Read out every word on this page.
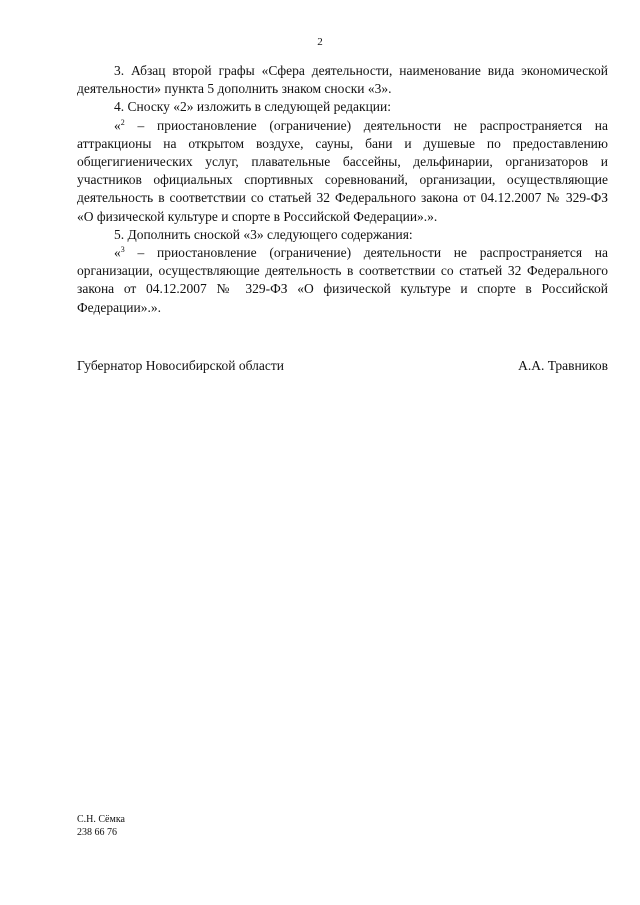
2

3. Абзац второй графы «Сфера деятельности, наименование вида экономической деятельности» пункта 5 дополнить знаком сноски «3».

4. Сноску «2» изложить в следующей редакции:

«$^2$ – приостановление (ограничение) деятельности не распространяется на аттракционы на открытом воздухе, сауны, бани и душевые по предоставлению общегигиенических услуг, плавательные бассейны, дельфинарии, организаторов и участников официальных спортивных соревнований, организации, осуществляющие деятельность в соответствии со статьей 32 Федерального закона от 04.12.2007 № 329-ФЗ «О физической культуре и спорте в Российской Федерации».».

5. Дополнить сноской «3» следующего содержания:

«$^3$ – приостановление (ограничение) деятельности не распространяется на организации, осуществляющие деятельность в соответствии со статьей 32 Федерального закона от 04.12.2007 № 329-ФЗ «О физической культуре и спорте в Российской Федерации».».

Губернатор Новосибирской области	А.А. Травников
С.Н. Сёмка
238 66 76
